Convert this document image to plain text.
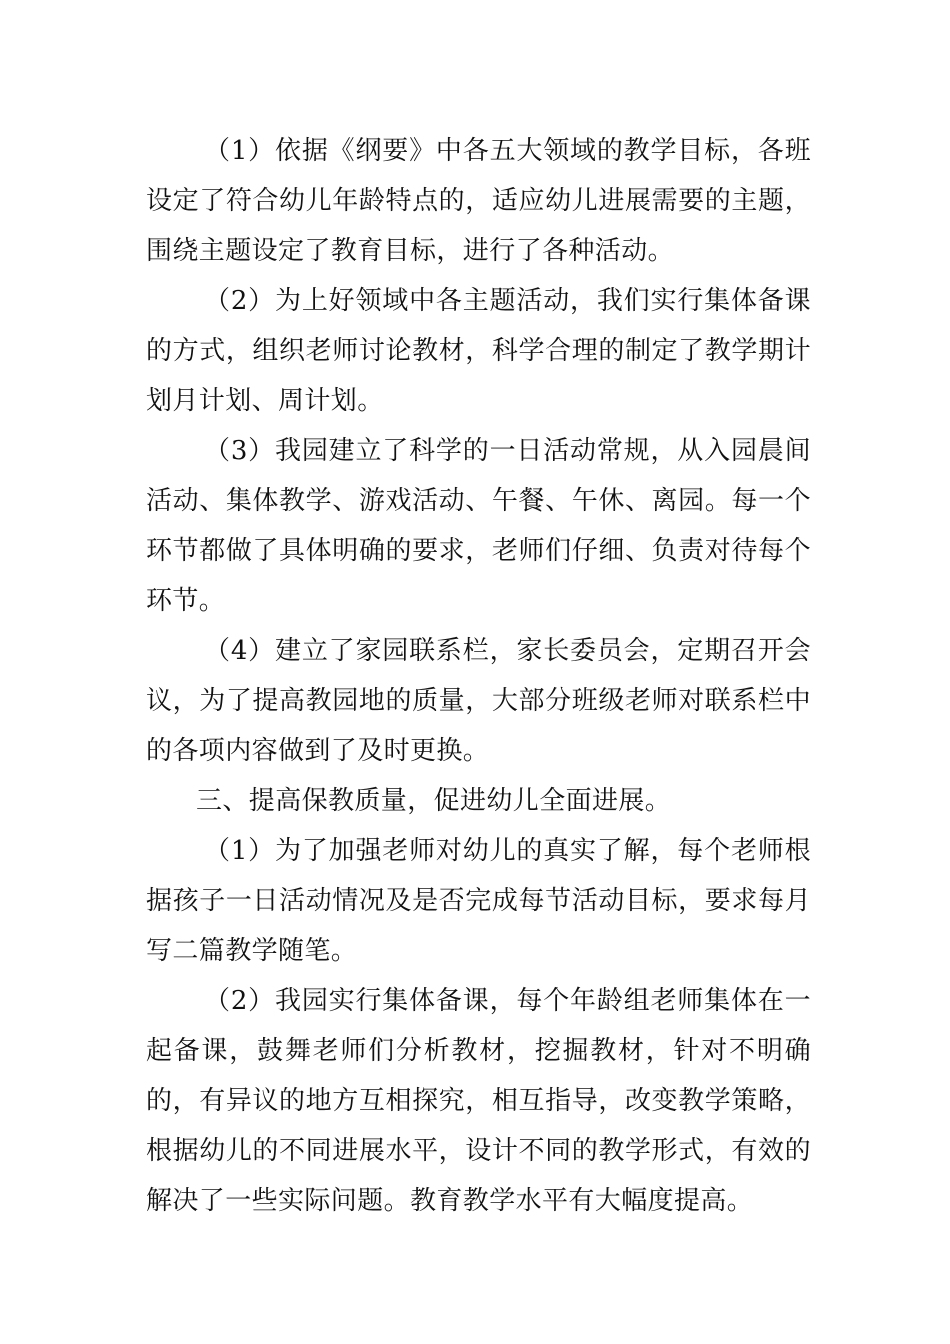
（1）依据《纲要》中各五大领域的教学目标，各班设定了符合幼儿年龄特点的，适应幼儿进展需要的主题，围绕主题设定了教育目标，进行了各种活动。

（2）为上好领域中各主题活动，我们实行集体备课的方式，组织老师讨论教材，科学合理的制定了教学期计划月计划、周计划。

（3）我园建立了科学的一日活动常规，从入园晨间活动、集体教学、游戏活动、午餐、午休、离园。每一个环节都做了具体明确的要求，老师们仔细、负责对待每个环节。

（4）建立了家园联系栏，家长委员会，定期召开会议，为了提高教园地的质量，大部分班级老师对联系栏中的各项内容做到了及时更换。

三、提高保教质量，促进幼儿全面进展。

（1）为了加强老师对幼儿的真实了解，每个老师根据孩子一日活动情况及是否完成每节活动目标，要求每月写二篇教学随笔。

（2）我园实行集体备课，每个年龄组老师集体在一起备课，鼓舞老师们分析教材，挖掘教材，针对不明确的，有异议的地方互相探究，相互指导，改变教学策略，根据幼儿的不同进展水平，设计不同的教学形式，有效的解决了一些实际问题。教育教学水平有大幅度提高。
